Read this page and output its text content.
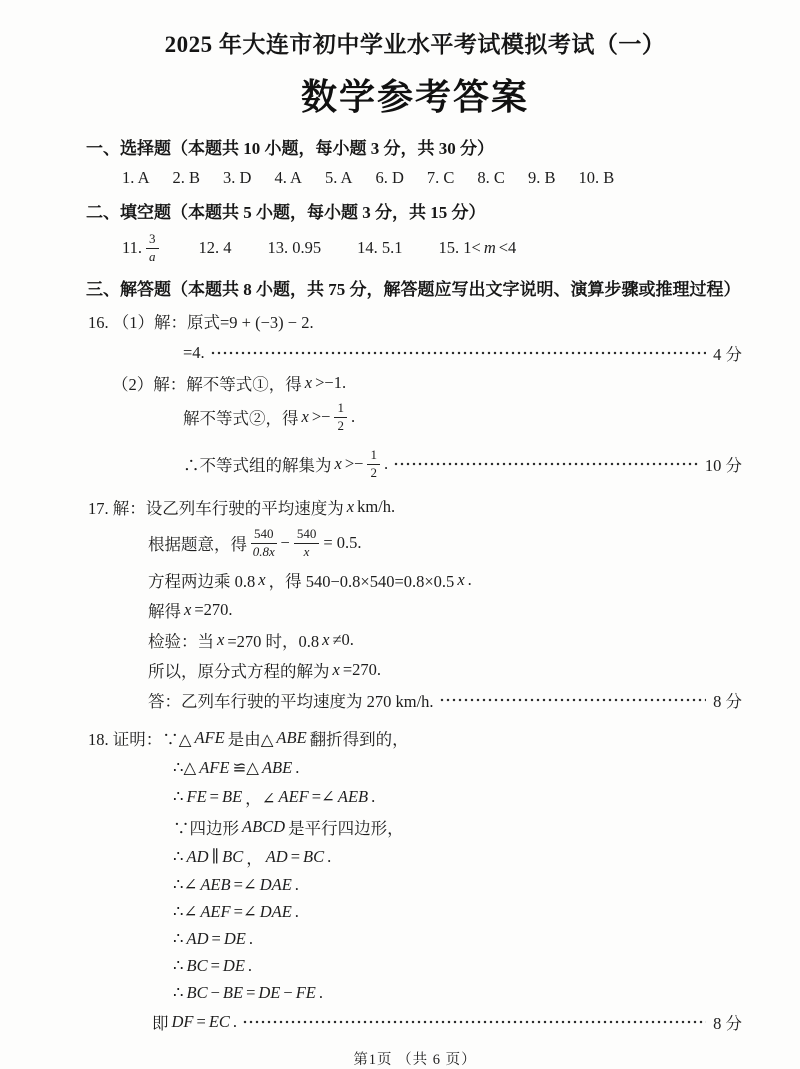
2025 年大连市初中学业水平考试模拟考试（一）
数学参考答案
一、选择题（本题共 10 小题，每小题 3 分，共 30 分）
1. A 2. B 3. D 4. A 5. A 6. D 7. C 8. C 9. B 10. B
二、填空题（本题共 5 小题，每小题 3 分，共 15 分）
11. $\frac{3}{a} 12$. 4 13. 0.95 14. 5.1 15. 1< m <4
三、解答题（本题共 8 小题，共 75 分，解答题应写出文字说明、演算步骤或推理过程）
16. （1）解：原式=9 + (−3) − 2.
=4.	4 分
（2）解：解不等式①，得 x >−1.
解不等式②，得 $x >- \frac{1}{2}$ .
∴不等式组的解集为 $x >- \frac{1}{2}$ .	10 分
17. 解：设乙列车行驶的平均速度为 x km/h.
根据题意，得 $\frac{540}{0.8x} - \frac{540}{x} = 0.5$.
方程两边乘 0.8 x ，得 540−0.8×540=0.8×0.5 x .
解得 x =270.
检验：当 x =270 时，0.8 x ≠0.
所以，原分式方程的解为 x =270.
答：乙列车行驶的平均速度为 270 km/h.	8 分
18. 证明：∵△ AFE 是由△ ABE 翻折得到的，
∴△ AFE ≌△ ABE .
∴ FE = BE ，∠ AEF =∠ AEB .
∵四边形 ABCD 是平行四边形，
∴ AD ∥ BC ， AD = BC .
∴∠ AEB =∠ DAE .
∴∠ AEF =∠ DAE .
∴ AD = DE .
∴ BC = DE .
∴ BC − BE = DE − FE .
即 DF = EC .	8 分
第1页 （共 6 页）
